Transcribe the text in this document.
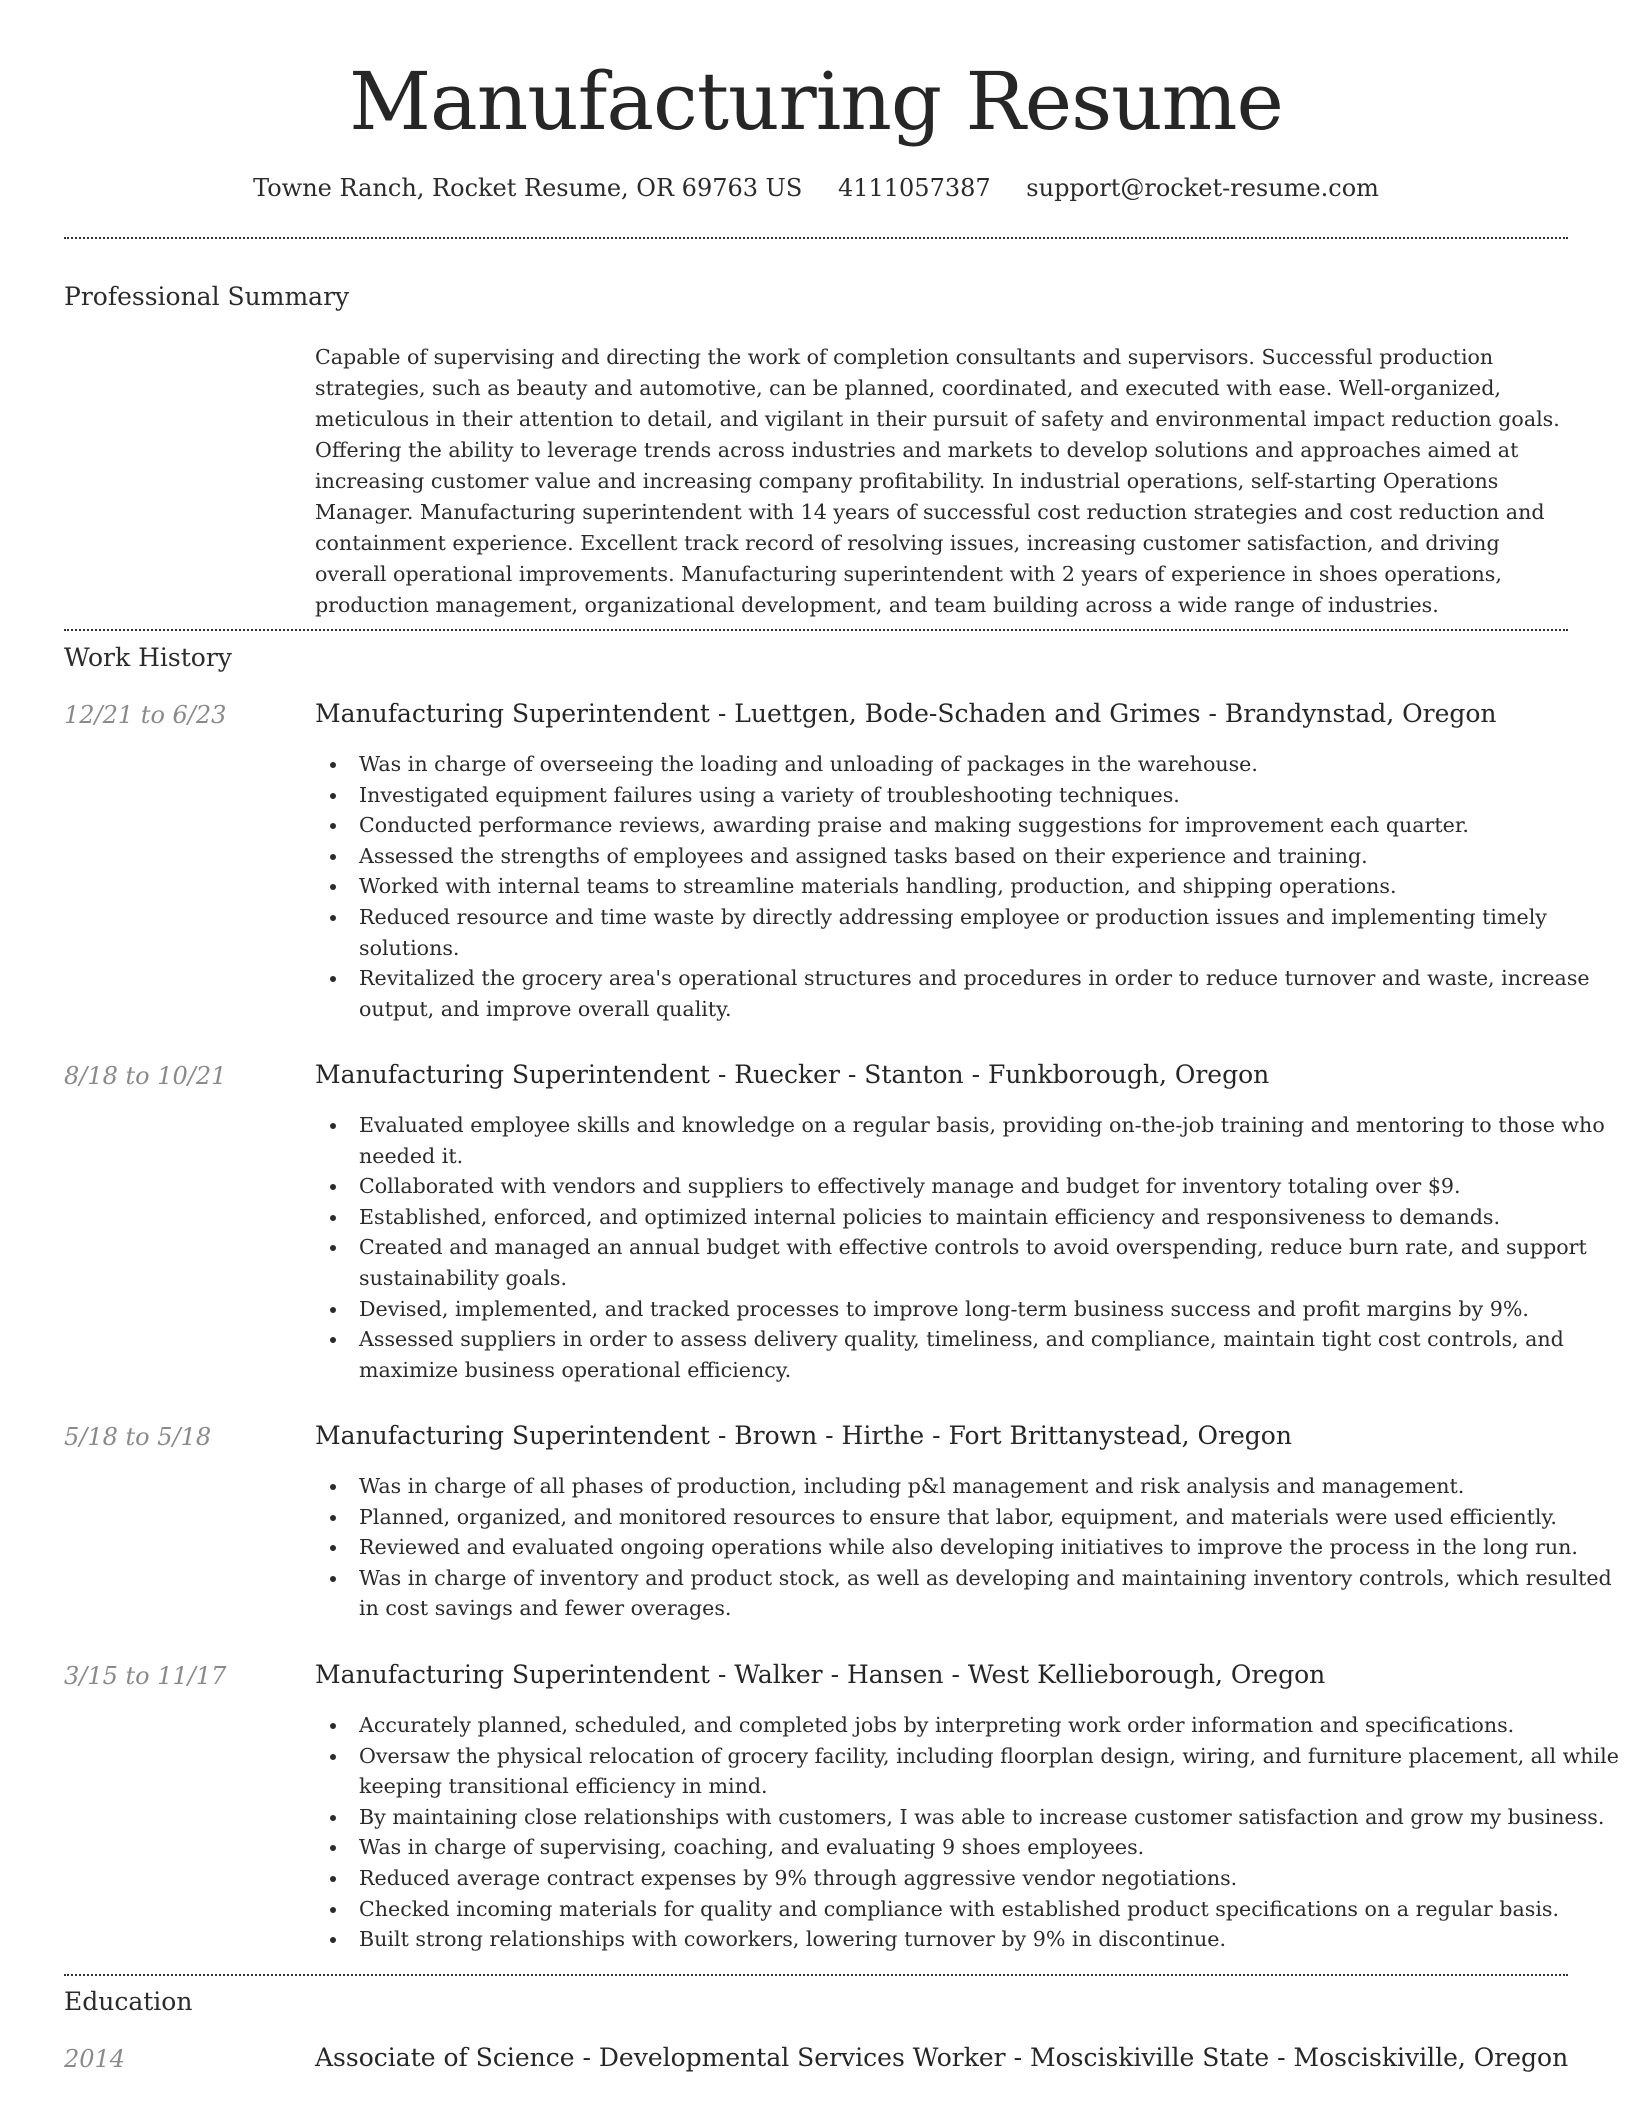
Manufacturing Resume
Towne Ranch, Rocket Resume, OR 69763 US 4111057387 support@rocket-resume.com
Professional Summary

Capable of supervising and directing the work of completion consultants and supervisors. Successful production strategies, such as beauty and automotive, can be planned, coordinated, and executed with ease. Well-organized, meticulous in their attention to detail, and vigilant in their pursuit of safety and environmental impact reduction goals. Offering the ability to leverage trends across industries and markets to develop solutions and approaches aimed at increasing customer value and increasing company profitability. In industrial operations, self-starting Operations Manager. Manufacturing superintendent with 14 years of successful cost reduction strategies and cost reduction and containment experience. Excellent track record of resolving issues, increasing customer satisfaction, and driving overall operational improvements. Manufacturing superintendent with 2 years of experience in shoes operations, production management, organizational development, and team building across a wide range of industries.

Work History
12/21 to 6/23	Manufacturing Superintendent - Luettgen, Bode-Schaden and Grimes - Brandynstad, Oregon
Was in charge of overseeing the loading and unloading of packages in the warehouse.
Investigated equipment failures using a variety of troubleshooting techniques.
Conducted performance reviews, awarding praise and making suggestions for improvement each quarter.
Assessed the strengths of employees and assigned tasks based on their experience and training.
Worked with internal teams to streamline materials handling, production, and shipping operations.
Reduced resource and time waste by directly addressing employee or production issues and implementing timely solutions.
Revitalized the grocery area's operational structures and procedures in order to reduce turnover and waste, increase output, and improve overall quality.
8/18 to 10/21	Manufacturing Superintendent - Ruecker - Stanton - Funkborough, Oregon
Evaluated employee skills and knowledge on a regular basis, providing on-the-job training and mentoring to those who needed it.
Collaborated with vendors and suppliers to effectively manage and budget for inventory totaling over $9.
Established, enforced, and optimized internal policies to maintain efficiency and responsiveness to demands.
Created and managed an annual budget with effective controls to avoid overspending, reduce burn rate, and support sustainability goals.
Devised, implemented, and tracked processes to improve long-term business success and profit margins by 9%.
Assessed suppliers in order to assess delivery quality, timeliness, and compliance, maintain tight cost controls, and maximize business operational efficiency.
5/18 to 5/18	Manufacturing Superintendent - Brown - Hirthe - Fort Brittanystead, Oregon
Was in charge of all phases of production, including p&l management and risk analysis and management.
Planned, organized, and monitored resources to ensure that labor, equipment, and materials were used efficiently.
Reviewed and evaluated ongoing operations while also developing initiatives to improve the process in the long run.
Was in charge of inventory and product stock, as well as developing and maintaining inventory controls, which resulted in cost savings and fewer overages.
3/15 to 11/17	Manufacturing Superintendent - Walker - Hansen - West Kellieborough, Oregon
Accurately planned, scheduled, and completed jobs by interpreting work order information and specifications.
Oversaw the physical relocation of grocery facility, including floorplan design, wiring, and furniture placement, all while keeping transitional efficiency in mind.
By maintaining close relationships with customers, I was able to increase customer satisfaction and grow my business.
Was in charge of supervising, coaching, and evaluating 9 shoes employees.
Reduced average contract expenses by 9% through aggressive vendor negotiations.
Checked incoming materials for quality and compliance with established product specifications on a regular basis.
Built strong relationships with coworkers, lowering turnover by 9% in discontinue.
Education
2014	Associate of Science - Developmental Services Worker - Mosciskiville State - Mosciskiville, Oregon
